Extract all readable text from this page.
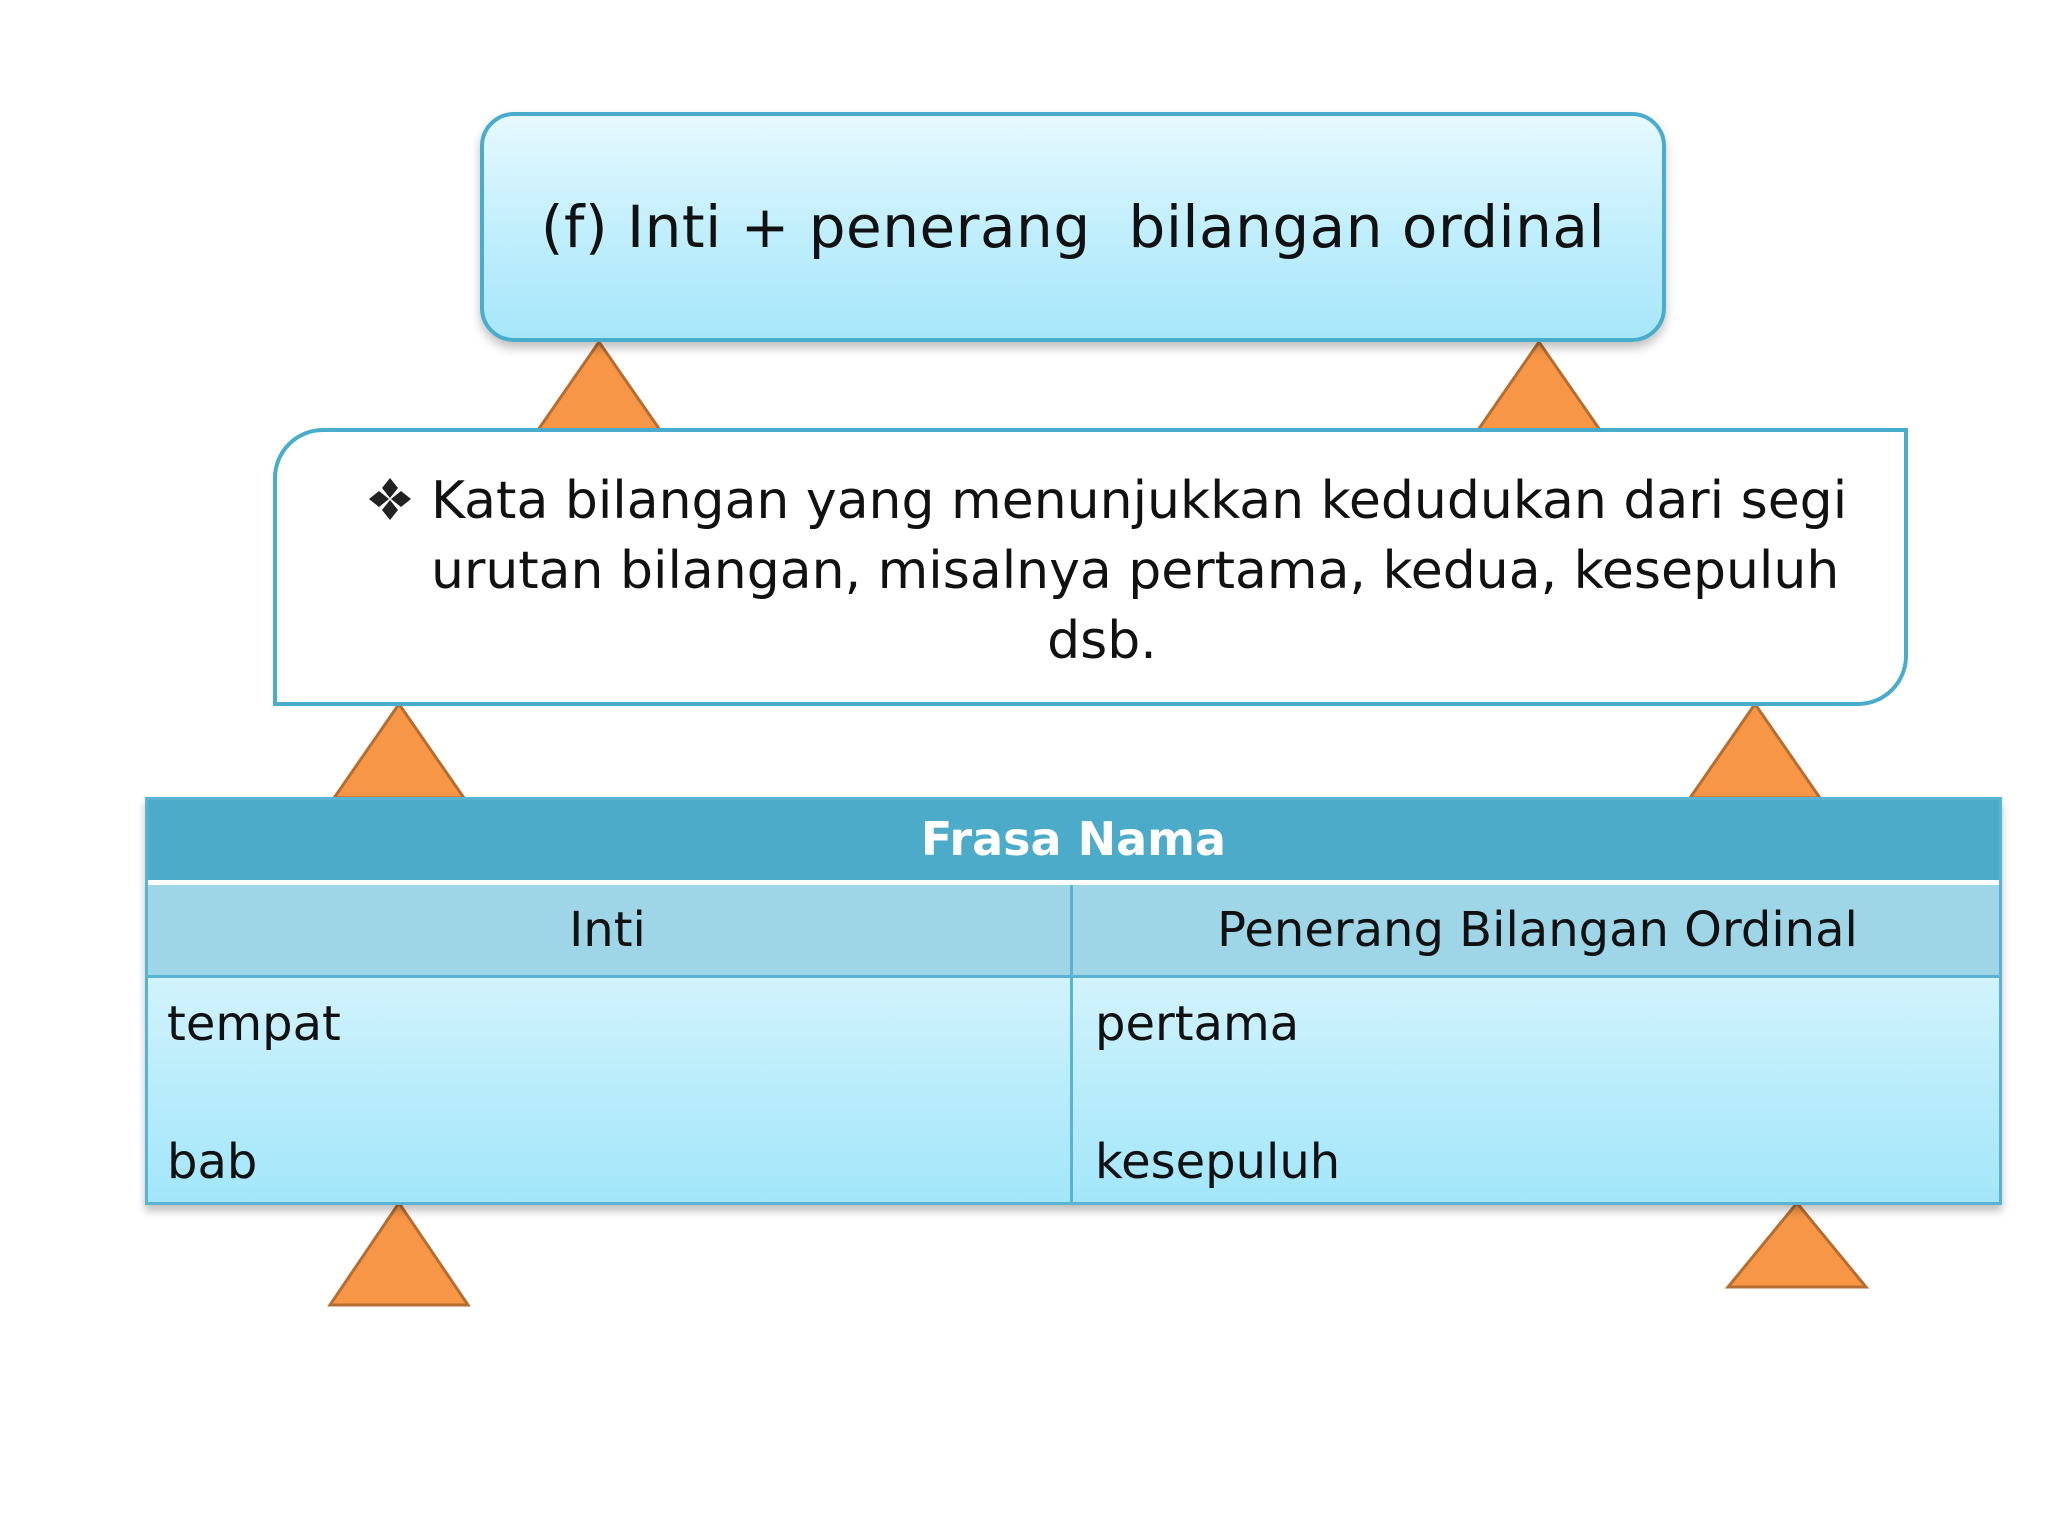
(f) Inti + penerang  bilangan ordinal
Kata bilangan yang menunjukkan kedudukan dari segi
urutan bilangan, misalnya pertama, kedua, kesepuluh
dsb.
Frasa Nama
Inti	Penerang Bilangan Ordinal
tempat
bab
pertama
kesepuluh
